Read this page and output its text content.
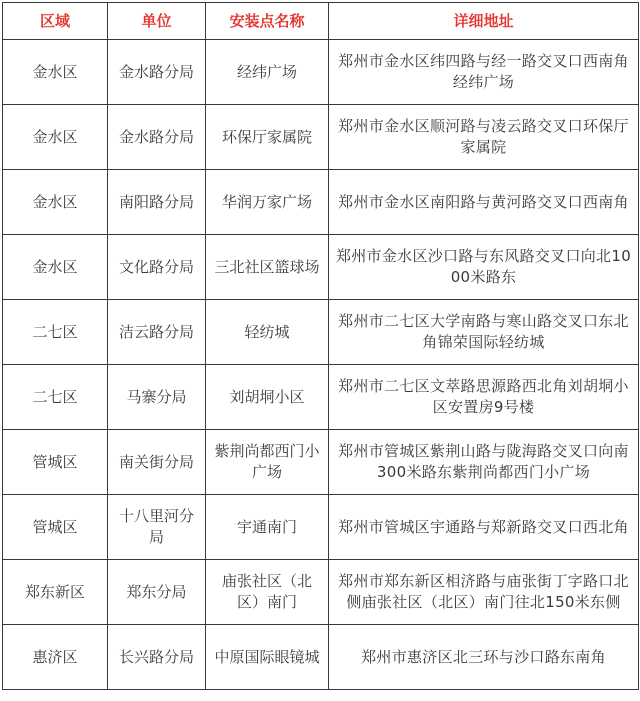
区域	单位	安装点名称	详细地址
金水区	金水路分局	经纬广场	郑州市金水区纬四路与经一路交叉口西南角经纬广场
金水区	金水路分局	环保厅家属院	郑州市金水区顺河路与凌云路交叉口环保厅家属院
金水区	南阳路分局	华润万家广场	郑州市金水区南阳路与黄河路交叉口西南角
金水区	文化路分局	三北社区篮球场	郑州市金水区沙口路与东风路交叉口向北1000米路东
二七区	洁云路分局	轻纺城	郑州市二七区大学南路与寒山路交叉口东北角锦荣国际轻纺城
二七区	马寨分局	刘胡垌小区	郑州市二七区文萃路思源路西北角刘胡垌小区安置房9号楼
管城区	南关街分局	紫荆尚都西门小广场	郑州市管城区紫荆山路与陇海路交叉口向南300米路东紫荆尚都西门小广场
管城区	十八里河分局	宇通南门	郑州市管城区宇通路与郑新路交叉口西北角
郑东新区	郑东分局	庙张社区（北区）南门	郑州市郑东新区相济路与庙张街丁字路口北侧庙张社区（北区）南门往北150米东侧
惠济区	长兴路分局	中原国际眼镜城	郑州市惠济区北三环与沙口路东南角
